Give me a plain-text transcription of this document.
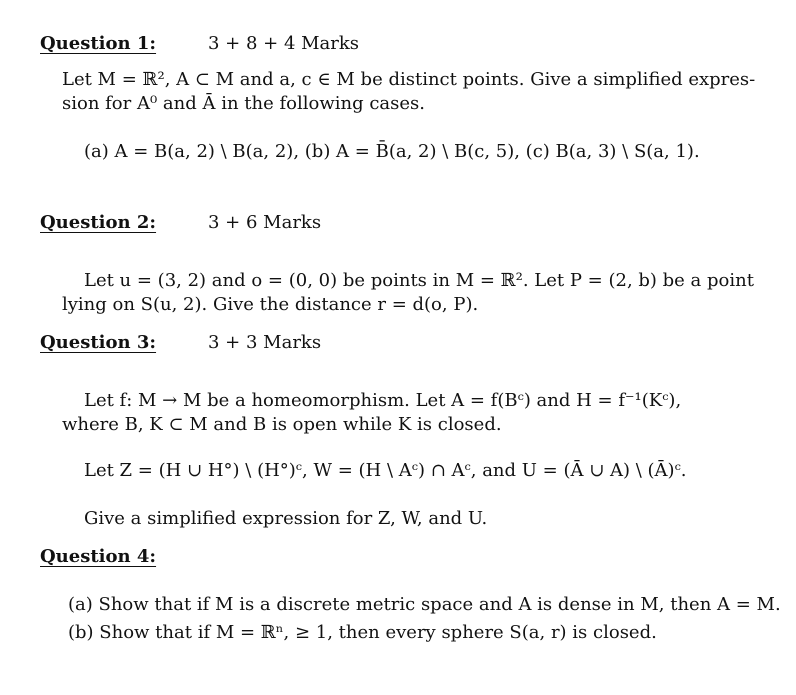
Question 1:	3 + 8 + 4 Marks
Let M = ℝ², A ⊂ M and a, c ∈ M be distinct points. Give a simplified expres-
sion for A⁰ and Ā in the following cases.
(a) A = B(a, 2) \ B(a, 2), (b) A = B̄(a, 2) \ B(c, 5), (c) B(a, 3) \ S(a, 1).
Question 2:	3 + 6 Marks
Let u = (3, 2) and o = (0, 0) be points in M = ℝ². Let P = (2, b) be a point
lying on S(u, 2). Give the distance r = d(o, P).
Question 3:	3 + 3 Marks
Let f: M → M be a homeomorphism. Let A = f(Bᶜ) and H = f⁻¹(Kᶜ),
where B, K ⊂ M and B is open while K is closed.
Let Z = (H ∪ H°) \ (H°)ᶜ, W = (H \ Aᶜ) ∩ Aᶜ, and U = (Ā ∪ A) \ (Ā)ᶜ.
Give a simplified expression for Z, W, and U.
Question 4:
(a) Show that if M is a discrete metric space and A is dense in M, then A = M.
(b) Show that if M = ℝⁿ, ≥ 1, then every sphere S(a, r) is closed.
